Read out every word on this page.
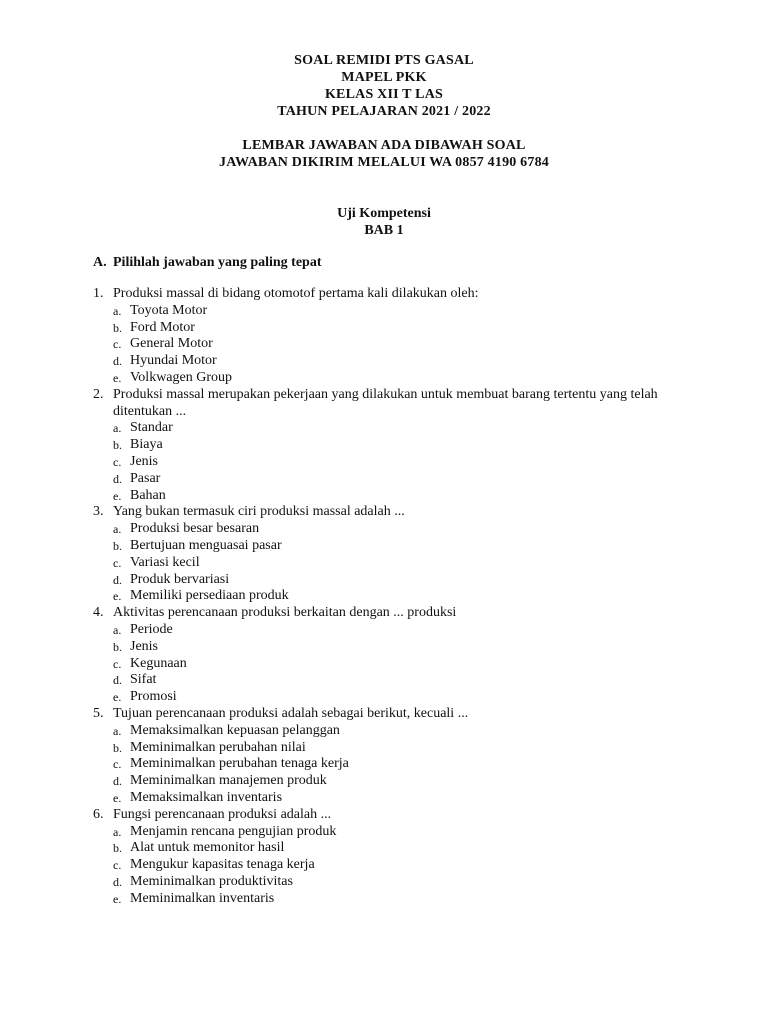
SOAL REMIDI PTS GASAL
MAPEL PKK
KELAS XII T LAS
TAHUN PELAJARAN 2021 / 2022
LEMBAR JAWABAN ADA DIBAWAH SOAL
JAWABAN DIKIRIM MELALUI WA 0857 4190 6784
Uji Kompetensi
BAB 1
A. Pilihlah jawaban yang paling tepat
1. Produksi massal di bidang otomotof pertama kali dilakukan oleh:
a. Toyota Motor
b. Ford Motor
c. General Motor
d. Hyundai Motor
e. Volkwagen Group
2. Produksi massal merupakan pekerjaan yang dilakukan untuk membuat barang tertentu yang telah ditentukan ...
a. Standar
b. Biaya
c. Jenis
d. Pasar
e. Bahan
3. Yang bukan termasuk ciri produksi massal adalah ...
a. Produksi besar besaran
b. Bertujuan menguasai pasar
c. Variasi kecil
d. Produk bervariasi
e. Memiliki persediaan produk
4. Aktivitas perencanaan produksi berkaitan dengan ... produksi
a. Periode
b. Jenis
c. Kegunaan
d. Sifat
e. Promosi
5. Tujuan perencanaan produksi adalah sebagai berikut, kecuali ...
a. Memaksimalkan kepuasan pelanggan
b. Meminimalkan perubahan nilai
c. Meminimalkan perubahan tenaga kerja
d. Meminimalkan manajemen produk
e. Memaksimalkan inventaris
6. Fungsi perencanaan produksi adalah ...
a. Menjamin rencana pengujian produk
b. Alat untuk memonitor hasil
c. Mengukur kapasitas tenaga kerja
d. Meminimalkan produktivitas
e. Meminimalkan inventaris
